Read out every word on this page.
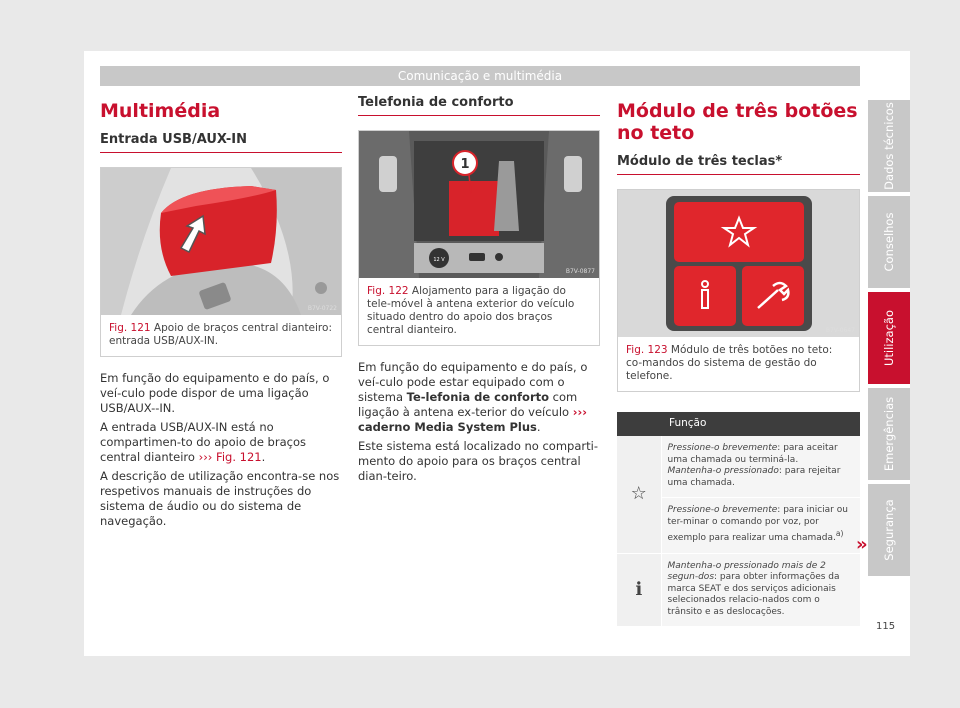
Comunicação e multimédia
Multimédia
Entrada USB/AUX-IN
B7V-0722
Fig. 121 Apoio de braços central dianteiro: entrada USB/AUX-IN.

Em função do equipamento e do país, o veí-culo pode dispor de uma ligação USB/AUX--IN.

A entrada USB/AUX-IN está no compartimen-to do apoio de braços central dianteiro ››› Fig. 121.

A descrição de utilização encontra-se nos respetivos manuais de instruções do sistema de áudio ou do sistema de navegação.

Telefonia de conforto
1
12 V
B7V-0877
Fig. 122 Alojamento para a ligação do tele-móvel à antena exterior do veículo situado dentro do apoio dos braços central dianteiro.

Em função do equipamento e do país, o veí-culo pode estar equipado com o sistema Te-lefonia de conforto com ligação à antena ex-terior do veículo ››› caderno Media System Plus.

Este sistema está localizado no comparti-mento do apoio para os braços central dian-teiro.

Módulo de três botões no teto
Módulo de três teclas*
B7V-0647
Fig. 123 Módulo de três botões no teto: co-mandos do sistema de gestão do telefone.
	Função
☆	Pressione-o brevemente: para aceitar uma chamada ou terminá-la.
Mantenha-o pressionado: para rejeitar uma chamada.
	Pressione-o brevemente: para iniciar ou ter-minar o comando por voz, por exemplo para realizar uma chamada.$^{a)}$
ℹ	Mantenha-o pressionado mais de 2 segun-dos: para obter informações da marca SEAT e dos serviços adicionais selecionados relacio-nados com o trânsito e as deslocações.
»
Dados técnicos
Conselhos
Utilização
Emergências
Segurança
115
